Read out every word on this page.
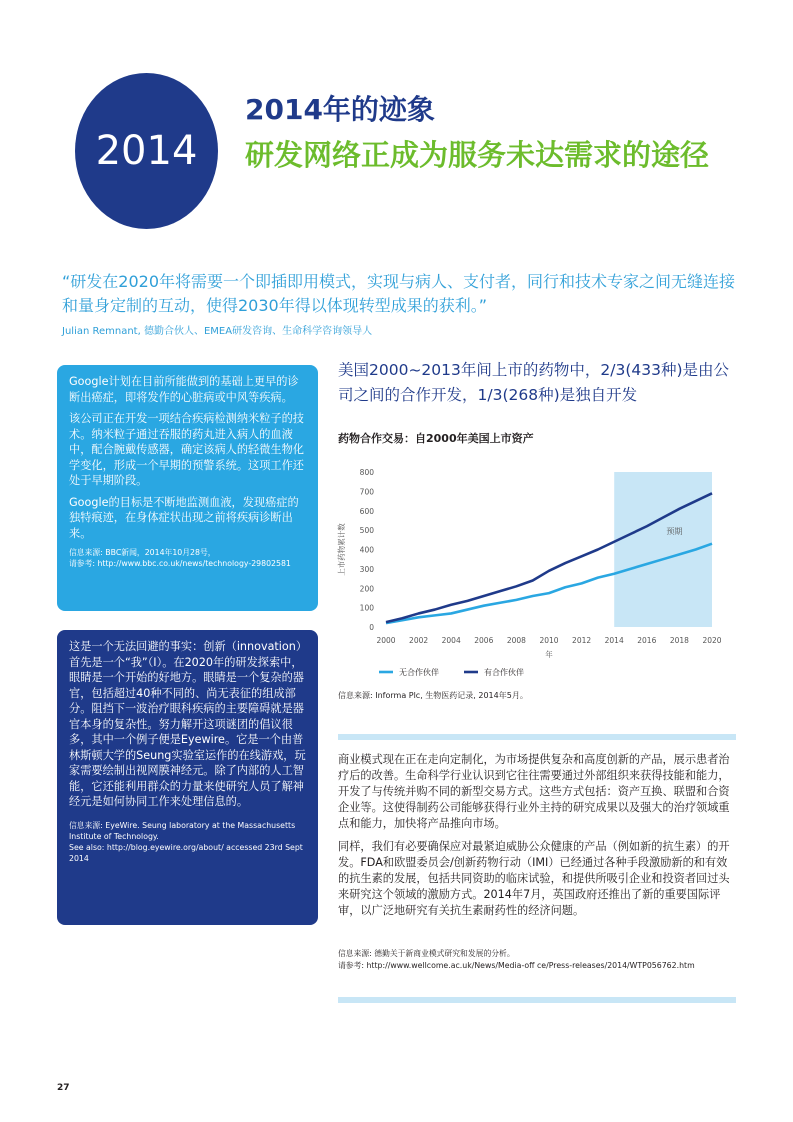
2014
2014年的迹象
研发网络正成为服务未达需求的途径
“研发在2020年将需要一个即插即用模式，实现与病人、支付者，同行和技术专家之间无缝连接和量身定制的互动，使得2030年得以体现转型成果的获利。”
Julian Remnant, 德勤合伙人、EMEA研发咨询、生命科学咨询领导人

Google计划在目前所能做到的基础上更早的诊断出癌症，即将发作的心脏病或中风等疾病。

该公司正在开发一项结合疾病检测纳米粒子的技术。纳米粒子通过吞服的药丸进入病人的血液中，配合腕戴传感器，确定该病人的轻微生物化学变化，形成一个早期的预警系统。这项工作还处于早期阶段。

Google的目标是不断地监测血液，发现癌症的独特痕迹，在身体症状出现之前将疾病诊断出来。

信息来源: BBC新闻，2014年10月28号，

请参考: http://www.bbc.co.uk/news/technology-29802581

这是一个无法回避的事实：创新（innovation）首先是一个“我”（I）。在2020年的研发探索中，眼睛是一个开始的好地方。眼睛是一个复杂的器官，包括超过40种不同的、尚无表征的组成部分。阻挡下一波治疗眼科疾病的主要障碍就是器官本身的复杂性。努力解开这项谜团的倡议很多，其中一个例子便是Eyewire。它是一个由普林斯顿大学的Seung实验室运作的在线游戏，玩家需要绘制出视网膜神经元。除了内部的人工智能，它还能利用群众的力量来使研究人员了解神经元是如何协同工作来处理信息的。

信息来源: EyeWire. Seung laboratory at the Massachusetts Institute of Technology.

See also: http://blog.eyewire.org/about/ accessed 23rd Sept 2014

美国2000~2013年间上市的药物中，2/3(433种)是由公司之间的合作开发，1/3(268种)是独自开发
药物合作交易：自2000年美国上市资产
预期
0
100
200
300
400
500
600
700
800
2000 2002 2004 2006 2008 2010 2012 2014 2016 2018 2020
年
上市药物累计数
无合作伙伴	有合作伙伴
信息来源: Informa Plc, 生物医药记录, 2014年5月。

商业模式现在正在走向定制化，为市场提供复杂和高度创新的产品，展示患者治疗后的改善。生命科学行业认识到它往往需要通过外部组织来获得技能和能力，开发了与传统并购不同的新型交易方式。这些方式包括：资产互换、联盟和合资企业等。这使得制药公司能够获得行业外主持的研究成果以及强大的治疗领域重点和能力，加快将产品推向市场。

同样，我们有必要确保应对最紧迫威胁公众健康的产品（例如新的抗生素）的开发。FDA和欧盟委员会/创新药物行动（IMI）已经通过各种手段激励新的和有效的抗生素的发展，包括共同资助的临床试验，和提供所吸引企业和投资者回过头来研究这个领域的激励方式。2014年7月，英国政府还推出了新的重要国际评审，以广泛地研究有关抗生素耐药性的经济问题。

信息来源: 德勤关于新商业模式研究和发展的分析。
请参考: http://www.wellcome.ac.uk/News/Media-off ce/Press-releases/2014/WTP056762.htm
27
